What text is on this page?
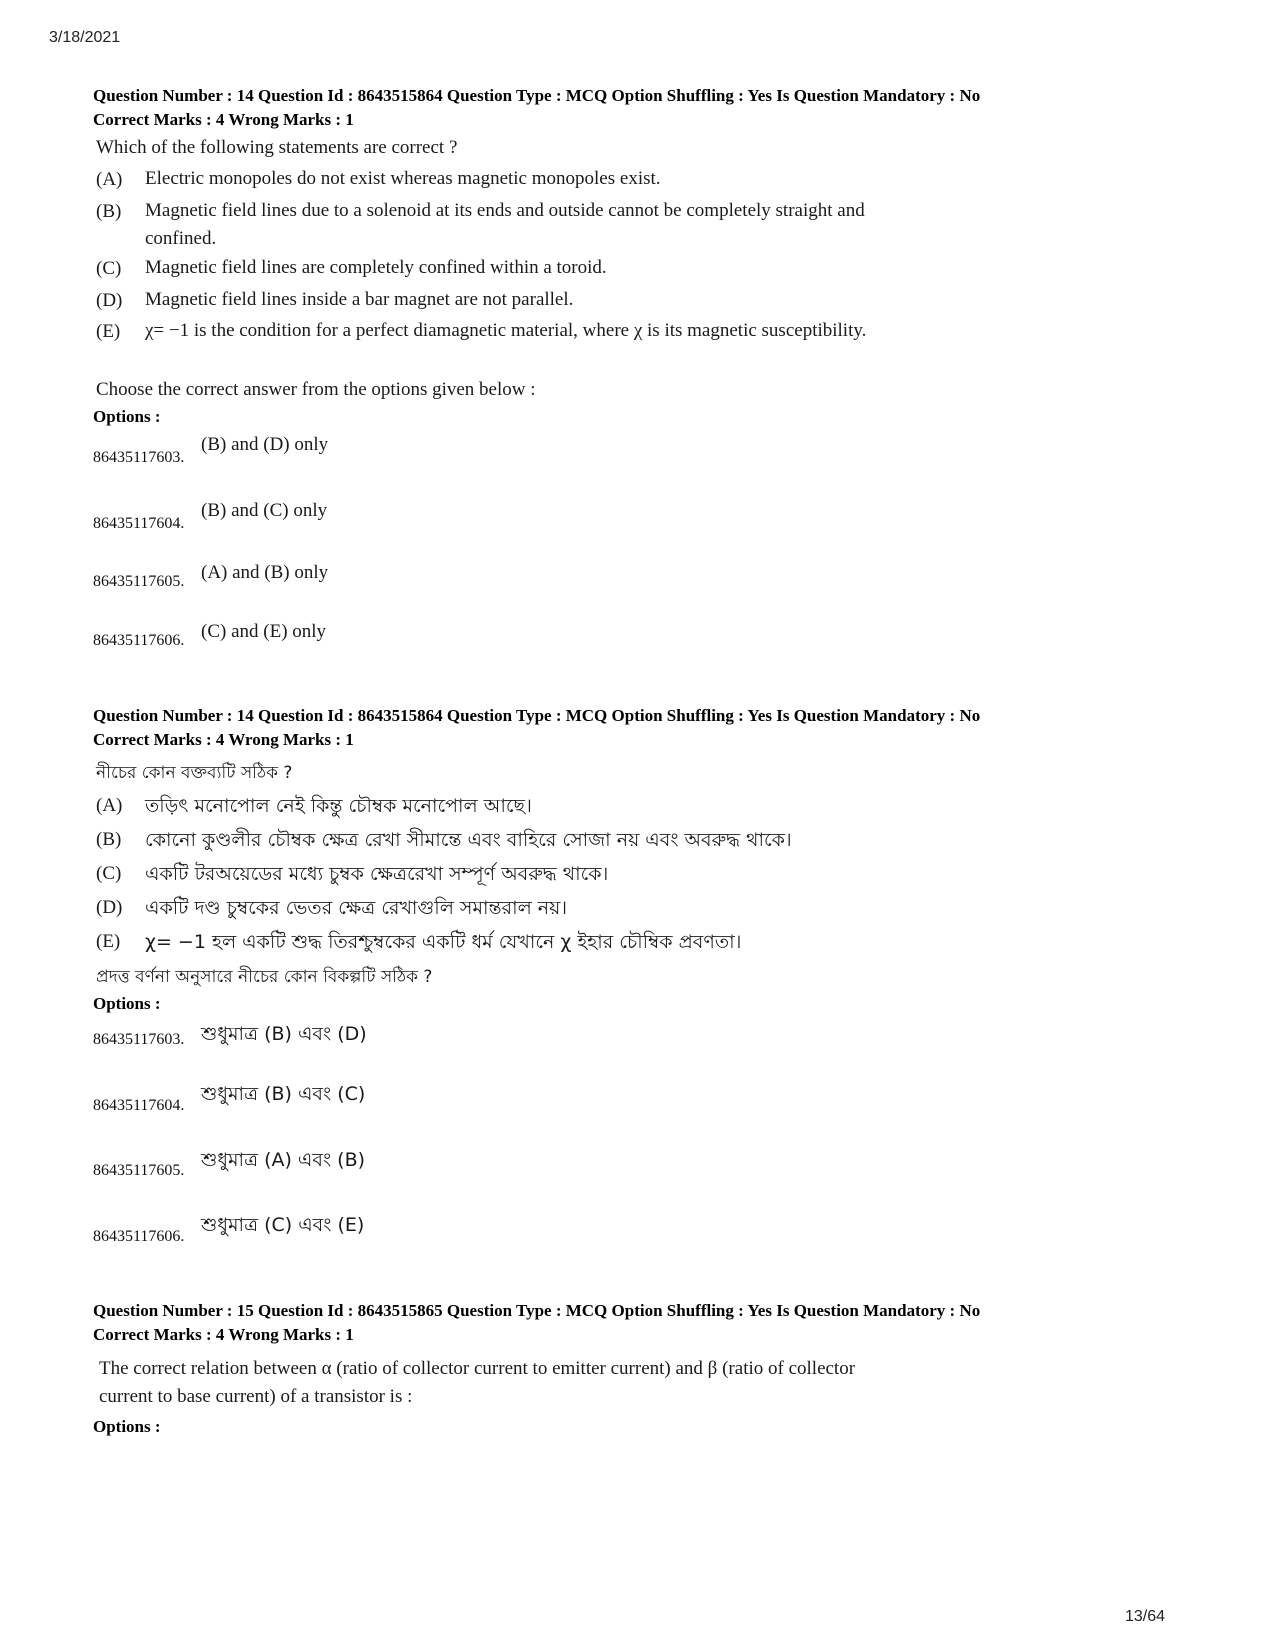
3/18/2021
13/64
Question Number : 14 Question Id : 8643515864 Question Type : MCQ Option Shuffling : Yes Is Question Mandatory : No
Correct Marks : 4 Wrong Marks : 1
Which of the following statements are correct ?
(A) Electric monopoles do not exist whereas magnetic monopoles exist.
(B) Magnetic field lines due to a solenoid at its ends and outside cannot be completely straight and confined.
(C) Magnetic field lines are completely confined within a toroid.
(D) Magnetic field lines inside a bar magnet are not parallel.
(E) χ= −1 is the condition for a perfect diamagnetic material, where χ is its magnetic susceptibility.
Choose the correct answer from the options given below :
Options :
86435117603.
(B) and (D) only
86435117604.
(B) and (C) only
86435117605. (A) and (B) only
86435117606. (C) and (E) only
Question Number : 14 Question Id : 8643515864 Question Type : MCQ Option Shuffling : Yes Is Question Mandatory : No
Correct Marks : 4 Wrong Marks : 1
নীচের কোন বক্তব্যটি সঠিক ?
(A) তড়িৎ মনোপোল নেই কিন্তু চৌম্বক মনোপোল আছে।
(B) কোনো কুণ্ডলীর চৌম্বক ক্ষেত্র রেখা সীমান্তে এবং বাহিরে সোজা নয় এবং অবরুদ্ধ থাকে।
(C) একটি টরঅয়েডের মধ্যে চুম্বক ক্ষেত্ররেখা সম্পূর্ণ অবরুদ্ধ থাকে।
(D) একটি দণ্ড চুম্বকের ভেতর ক্ষেত্র রেখাগুলি সমান্তরাল নয়।
(E) χ= −1 হল একটি শুদ্ধ তিরশ্চুম্বকের একটি ধর্ম যেখানে χ ইহার চৌম্বিক প্রবণতা।
প্রদত্ত বর্ণনা অনুসারে নীচের কোন বিকল্পটি সঠিক ?
Options :
86435117603. শুধুমাত্র (B) এবং (D)
86435117604.
শুধুমাত্র (B) এবং (C)
86435117605. শুধুমাত্র (A) এবং (B)
86435117606.
শুধুমাত্র (C) এবং (E)
Question Number : 15 Question Id : 8643515865 Question Type : MCQ Option Shuffling : Yes Is Question Mandatory : No
Correct Marks : 4 Wrong Marks : 1
The correct relation between α (ratio of collector current to emitter current) and β (ratio of collector current to base current) of a transistor is :
Options :
